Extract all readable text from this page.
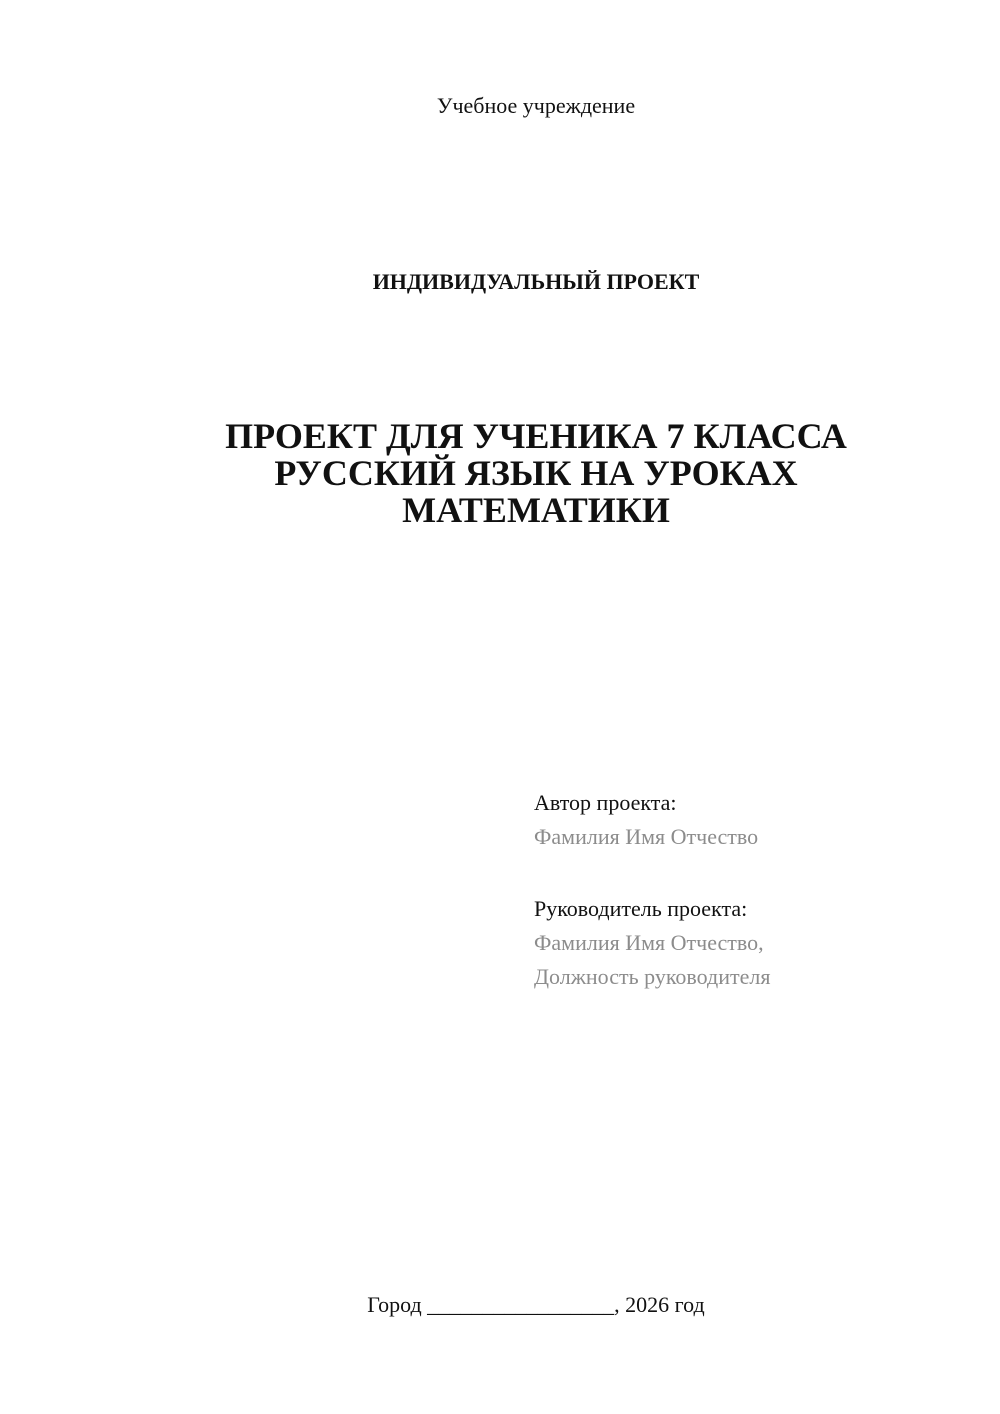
Учебное учреждение
ИНДИВИДУАЛЬНЫЙ ПРОЕКТ
ПРОЕКТ ДЛЯ УЧЕНИКА 7 КЛАССА
РУССКИЙ ЯЗЫК НА УРОКАХ
МАТЕМАТИКИ
Автор проекта:
Фамилия Имя Отчество
Руководитель проекта:
Фамилия Имя Отчество,
Должность руководителя
Город _________________, 2026 год
